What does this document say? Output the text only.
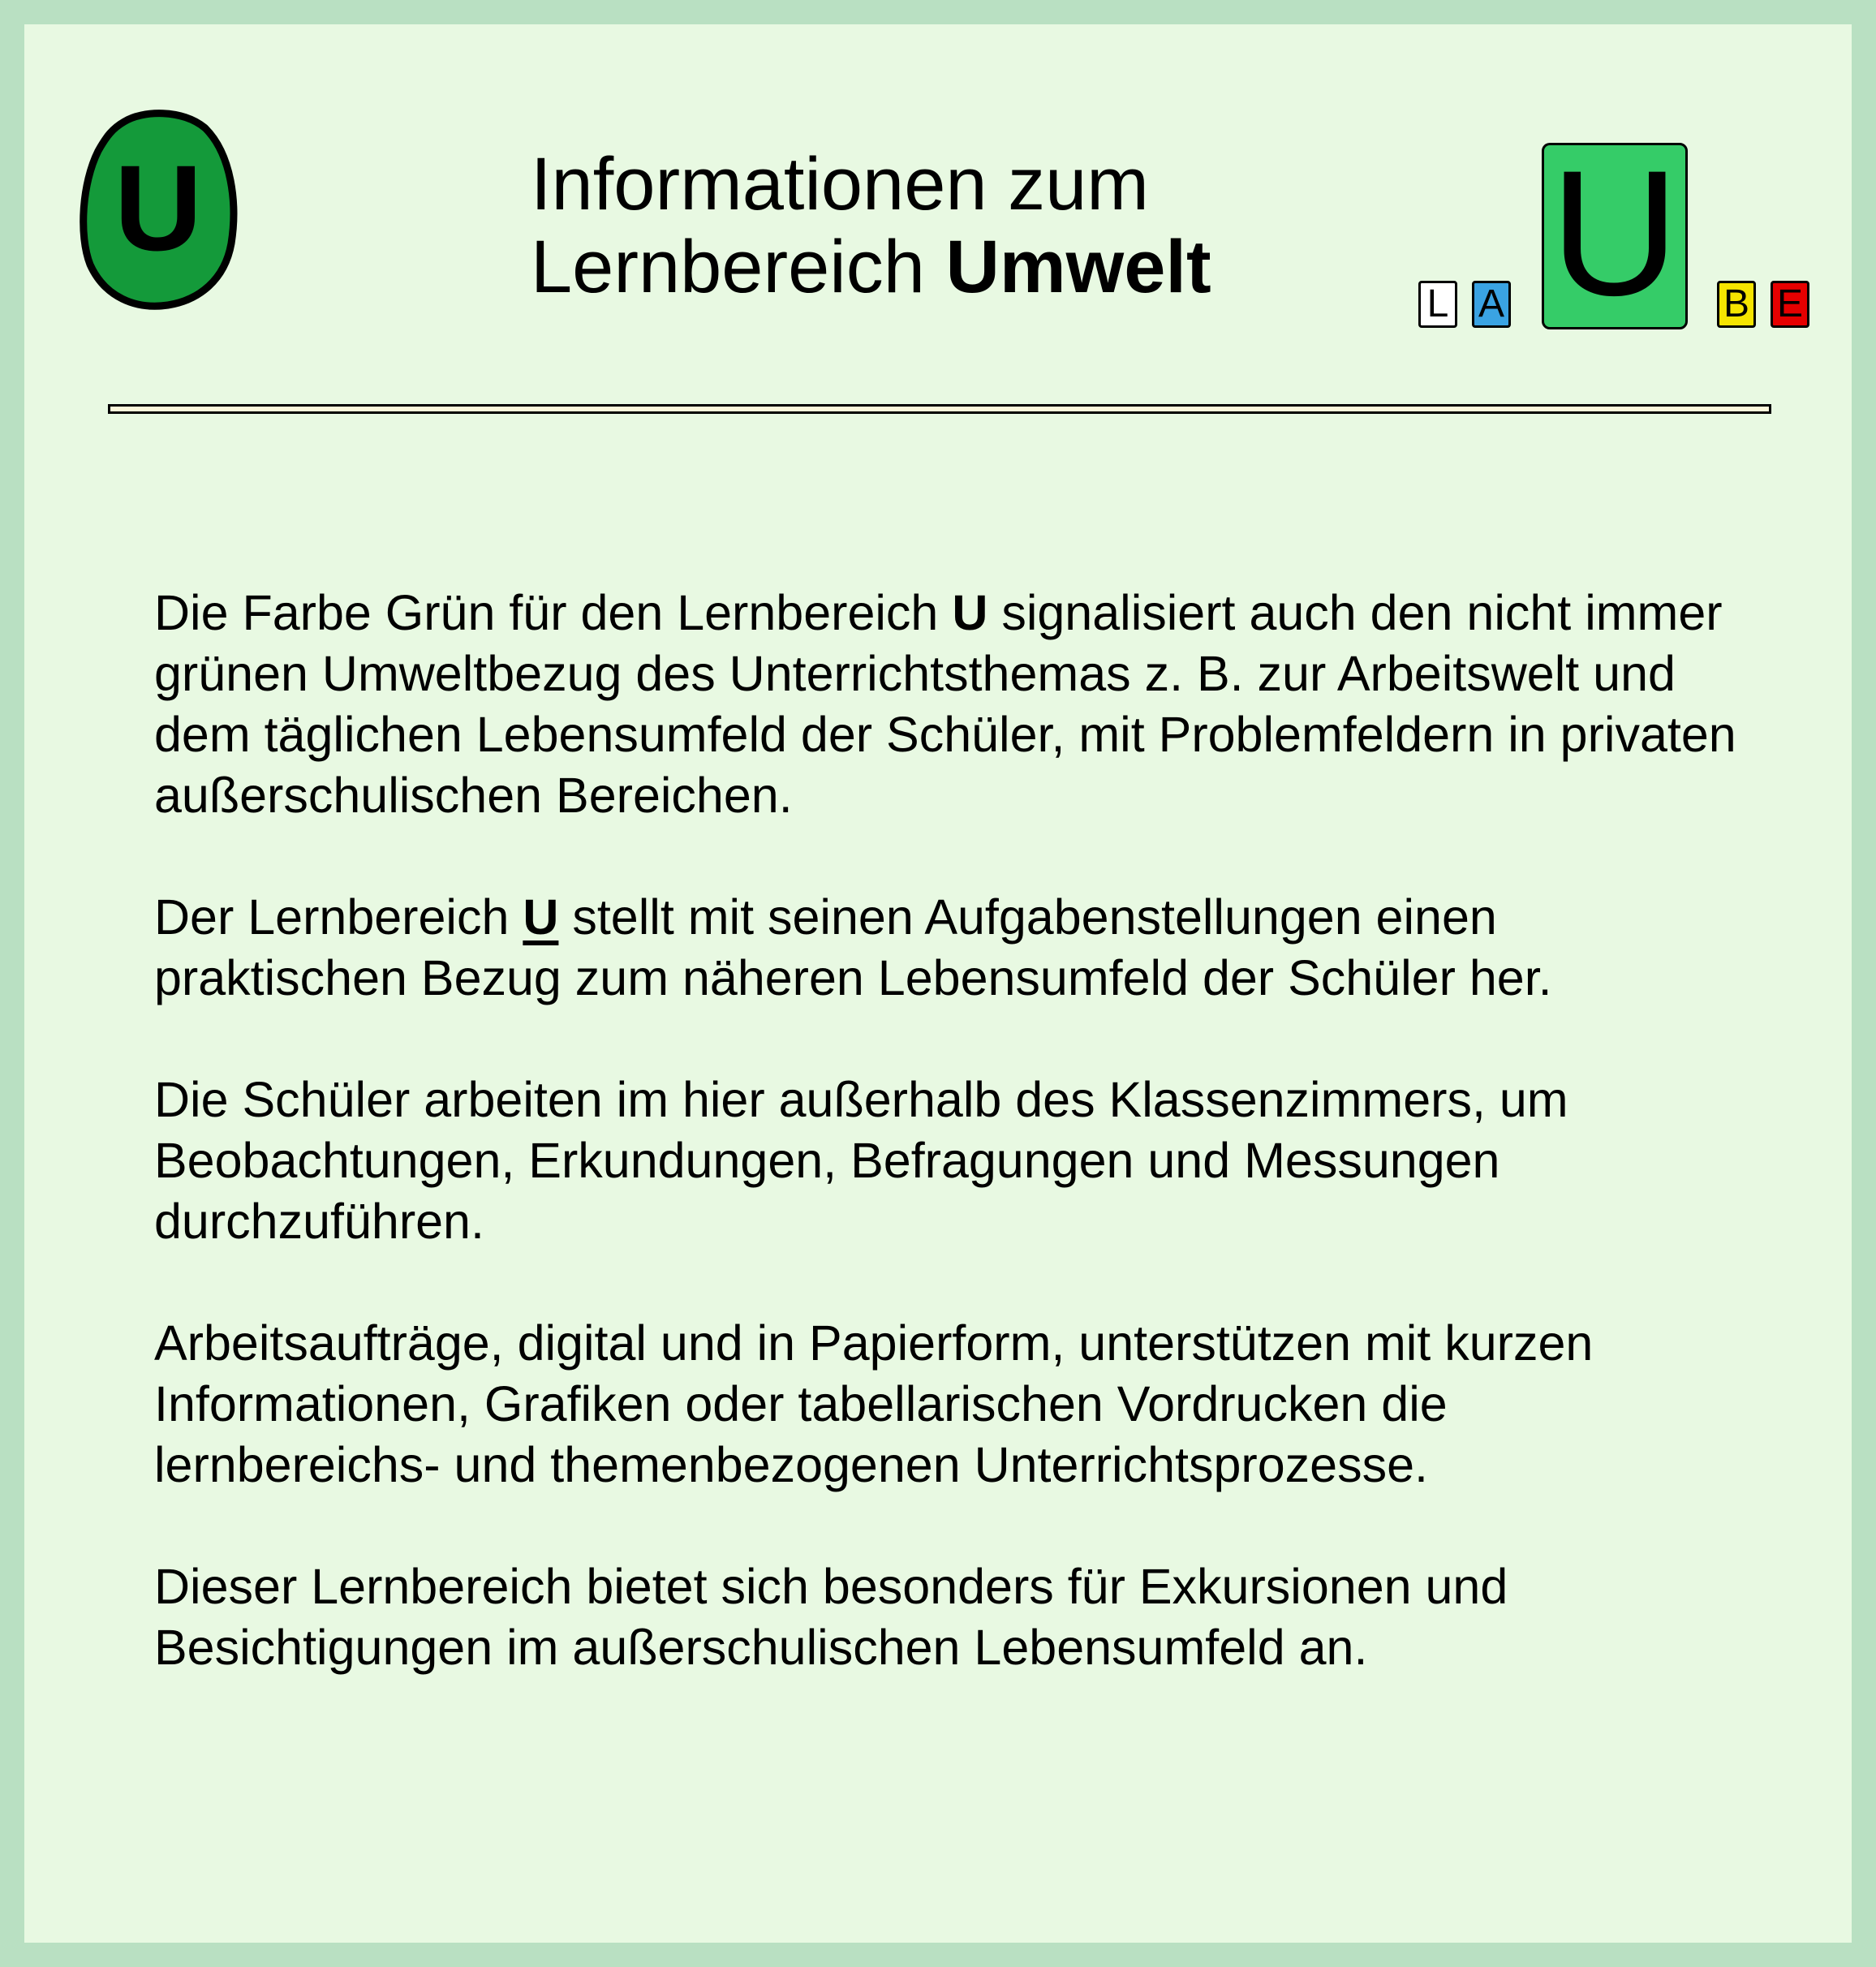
U	Informationen zum
Lernbereich Umwelt	L A U B E

Die Farbe Grün für den Lernbereich U signalisiert auch den nicht immer grünen Umweltbezug des Unterrichtsthemas z. B. zur Arbeitswelt und dem täglichen Lebensumfeld der Schüler, mit Problemfeldern in privaten außerschulischen Bereichen.

Der Lernbereich U stellt mit seinen Aufgabenstellungen einen praktischen Bezug zum näheren Lebensumfeld der Schüler her.

Die Schüler arbeiten im hier außerhalb des Klassenzimmers, um Beobachtungen, Erkundungen, Befragungen und Messungen durchzuführen.

Arbeitsaufträge, digital und in Papierform, unterstützen mit kurzen Informationen, Grafiken oder tabellarischen Vordrucken die lernbereichs- und themenbezogenen Unterrichtsprozesse.

Dieser Lernbereich bietet sich besonders für Exkursionen und Besichtigungen im außerschulischen Lebensumfeld an.
